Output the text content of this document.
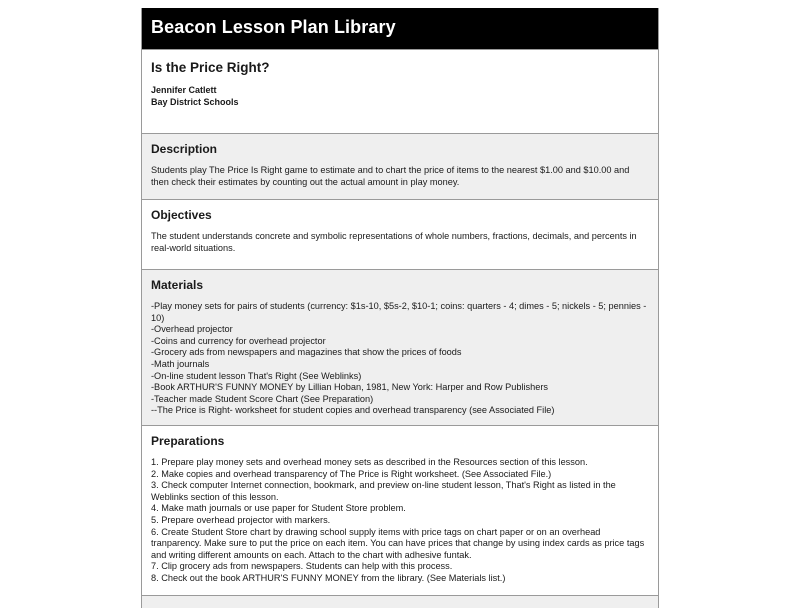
Beacon Lesson Plan Library
Is the Price Right?
Jennifer Catlett
Bay District Schools
Description
Students play The Price Is Right game to estimate and to chart the price of items to the nearest $1.00 and $10.00 and then check their estimates by counting out the actual amount in play money.
Objectives
The student understands concrete and symbolic representations of whole numbers, fractions, decimals, and percents in real-world situations.
Materials
-Play money sets for pairs of students (currency: $1s-10, $5s-2, $10-1; coins: quarters - 4; dimes - 5; nickels - 5; pennies - 10)
-Overhead projector
-Coins and currency for overhead projector
-Grocery ads from newspapers and magazines that show the prices of foods
-Math journals
-On-line student lesson That's Right (See Weblinks)
-Book ARTHUR'S FUNNY MONEY by Lillian Hoban, 1981, New York: Harper and Row Publishers
-Teacher made Student Score Chart (See Preparation)
--The Price is Right- worksheet for student copies and overhead transparency (see Associated File)
Preparations
1. Prepare play money sets and overhead money sets as described in the Resources section of this lesson.
2. Make copies and overhead transparency of The Price is Right worksheet. (See Associated File.)
3. Check computer Internet connection, bookmark, and preview on-line student lesson, That's Right as listed in the Weblinks section of this lesson.
4. Make math journals or use paper for Student Store problem.
5. Prepare overhead projector with markers.
6. Create Student Store chart by drawing school supply items with price tags on chart paper or on an overhead tranparency. Make sure to put the price on each item. You can have prices that change by using index cards as price tags and writing different amounts on each. Attach to the chart with adhesive funtak.
7. Clip grocery ads from newspapers. Students can help with this process.
8. Check out the book ARTHUR'S FUNNY MONEY from the library. (See Materials list.)
